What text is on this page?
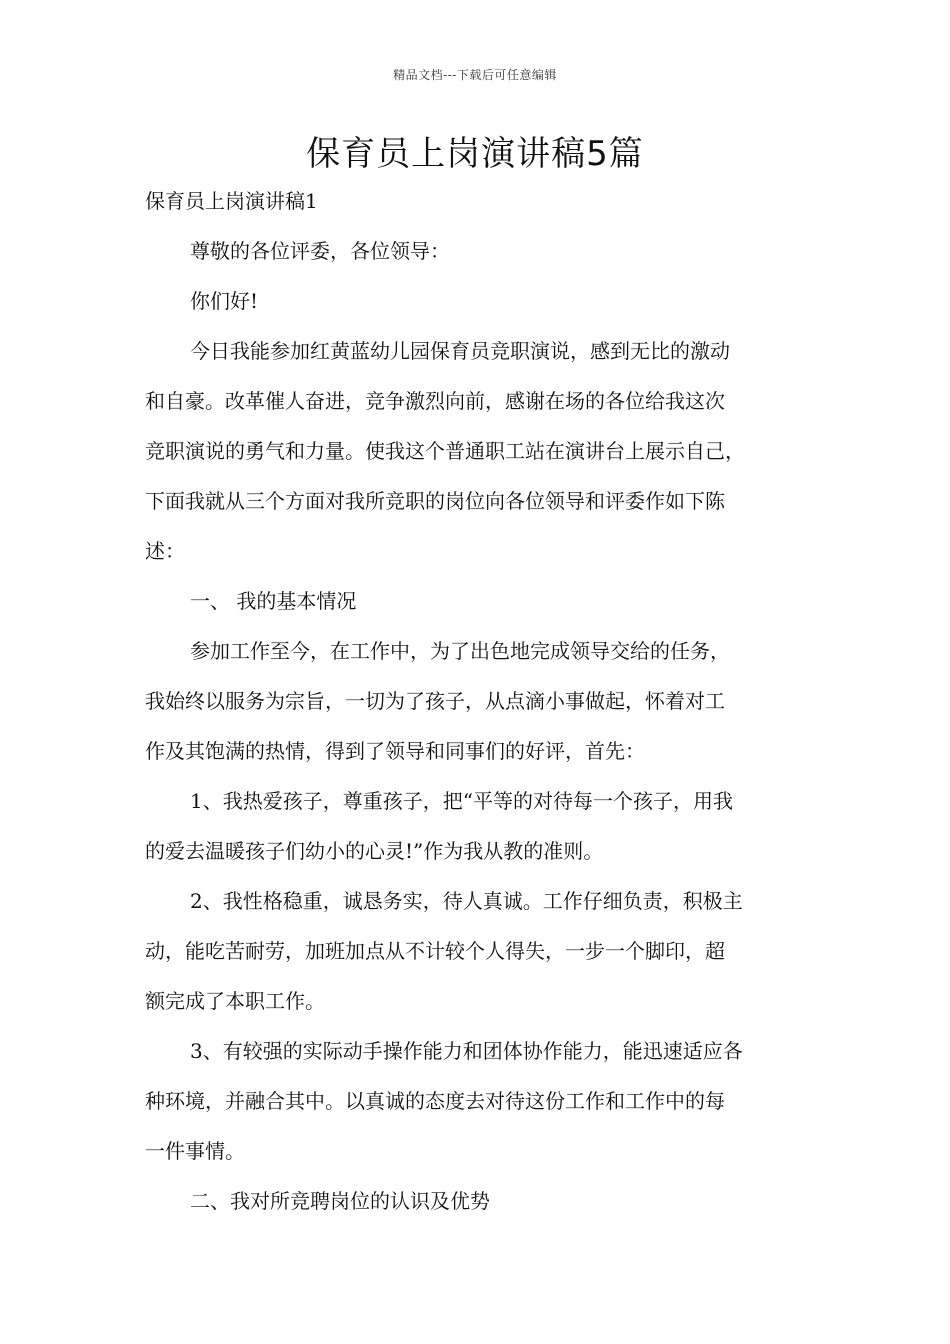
精品文档---下载后可任意编辑
保育员上岗演讲稿5篇
保育员上岗演讲稿1
尊敬的各位评委，各位领导：
你们好!
今日我能参加红黄蓝幼儿园保育员竞职演说，感到无比的激动
和自豪。改革催人奋进，竞争激烈向前，感谢在场的各位给我这次
竞职演说的勇气和力量。使我这个普通职工站在演讲台上展示自己，
下面我就从三个方面对我所竞职的岗位向各位领导和评委作如下陈
述：
一、 我的基本情况
参加工作至今，在工作中，为了出色地完成领导交给的任务，
我始终以服务为宗旨，一切为了孩子，从点滴小事做起，怀着对工
作及其饱满的热情，得到了领导和同事们的好评，首先：
1、我热爱孩子，尊重孩子，把“平等的对待每一个孩子，用我
的爱去温暖孩子们幼小的心灵!”作为我从教的准则。
2、我性格稳重，诚恳务实，待人真诚。工作仔细负责，积极主
动，能吃苦耐劳，加班加点从不计较个人得失，一步一个脚印，超
额完成了本职工作。
3、有较强的实际动手操作能力和团体协作能力，能迅速适应各
种环境，并融合其中。以真诚的态度去对待这份工作和工作中的每
一件事情。
二、我对所竞聘岗位的认识及优势
